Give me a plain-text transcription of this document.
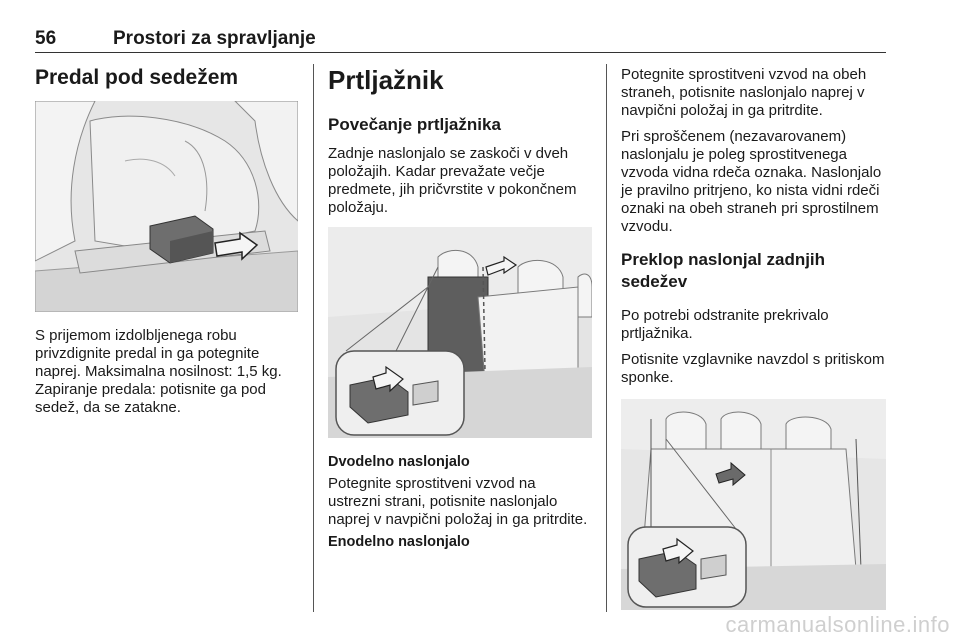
56	Prostori za spravljanje
Predal pod sedežem

S prijemom izdolbljenega robu privzdignite predal in ga potegnite naprej. Maksimalna nosilnost: 1,5 kg. Zapiranje predala: potisnite ga pod sedež, da se zatakne.

Prtljažnik
Povečanje prtljažnika

Zadnje naslonjalo se zaskoči v dveh položajih. Kadar prevažate večje predmete, jih pričvrstite v pokončnem položaju.

Dvodelno naslonjalo

Potegnite sprostitveni vzvod na ustrezni strani, potisnite naslonjalo naprej v navpični položaj in ga pritrdite.

Enodelno naslonjalo

Potegnite sprostitveni vzvod na obeh straneh, potisnite naslonjalo naprej v navpični položaj in ga pritrdite.

Pri sproščenem (nezavarovanem) naslonjalu je poleg sprostitvenega vzvoda vidna rdeča oznaka. Naslonjalo je pravilno pritrjeno, ko nista vidni rdeči oznaki na obeh straneh pri sprostilnem vzvodu.

Preklop naslonjal zadnjih sedežev

Po potrebi odstranite prekrivalo prtljažnika.

Potisnite vzglavnike navzdol s pritiskom sponke.

carmanualsonline.info
